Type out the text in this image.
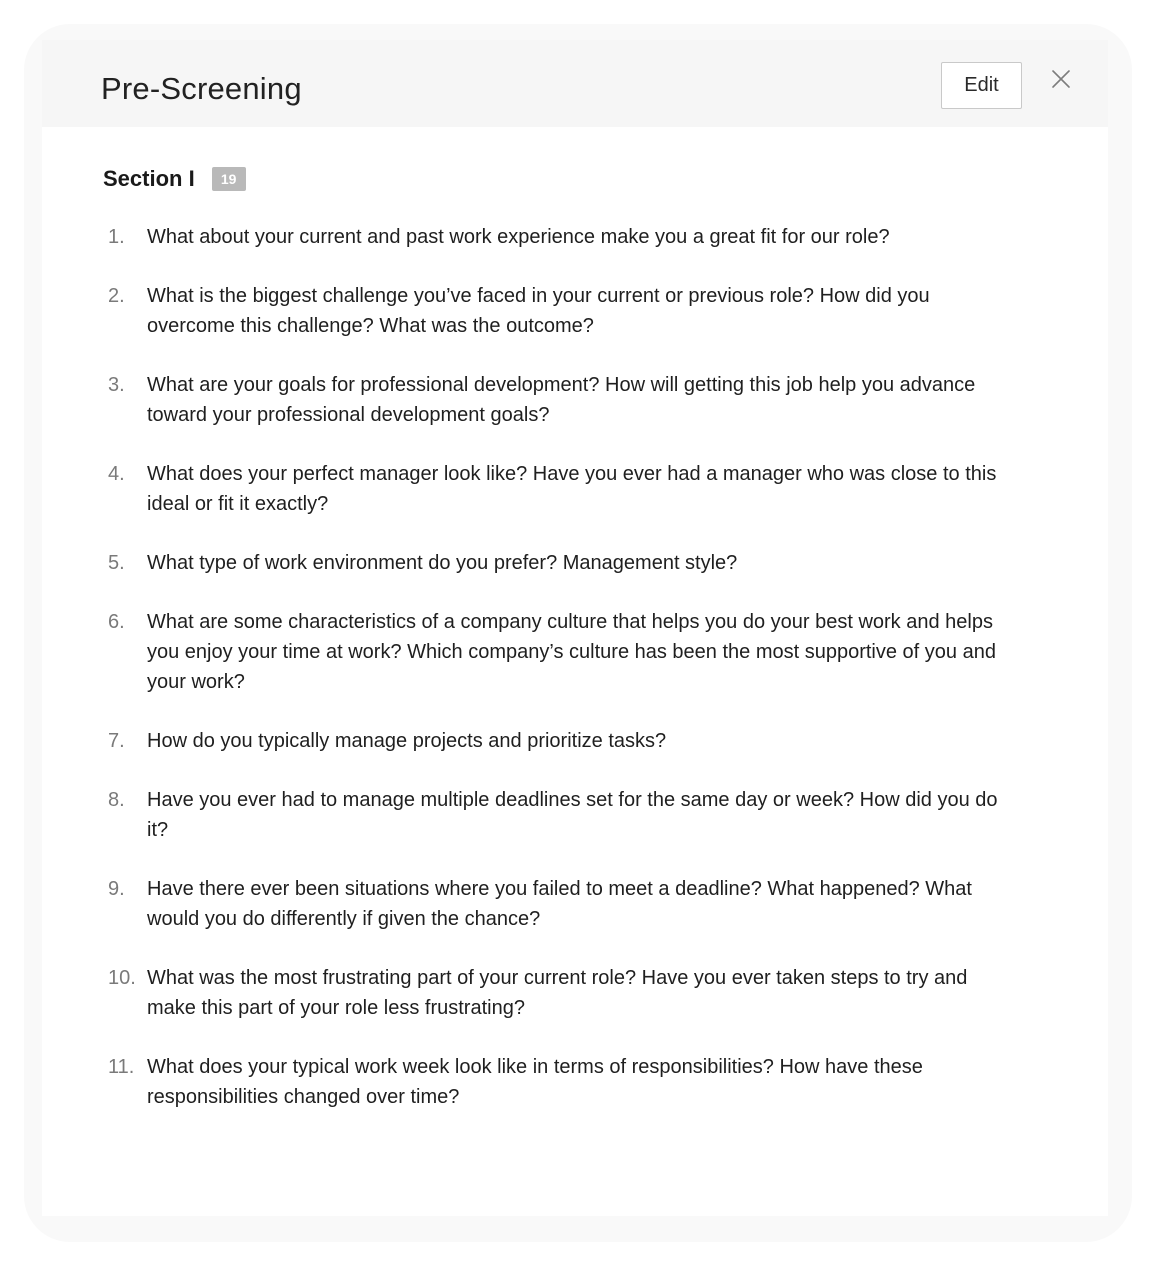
Pre-Screening	Edit
Section I	19
1. What about your current and past work experience make you a great fit for our role?
2. What is the biggest challenge you’ve faced in your current or previous role? How did you overcome this challenge? What was the outcome?
3. What are your goals for professional development? How will getting this job help you advance toward your professional development goals?
4. What does your perfect manager look like? Have you ever had a manager who was close to this ideal or fit it exactly?
5. What type of work environment do you prefer? Management style?
6. What are some characteristics of a company culture that helps you do your best work and helps you enjoy your time at work? Which company’s culture has been the most supportive of you and your work?
7. How do you typically manage projects and prioritize tasks?
8. Have you ever had to manage multiple deadlines set for the same day or week? How did you do it?
9. Have there ever been situations where you failed to meet a deadline? What happened? What would you do differently if given the chance?
10. What was the most frustrating part of your current role? Have you ever taken steps to try and make this part of your role less frustrating?
11. What does your typical work week look like in terms of responsibilities? How have these responsibilities changed over time?
